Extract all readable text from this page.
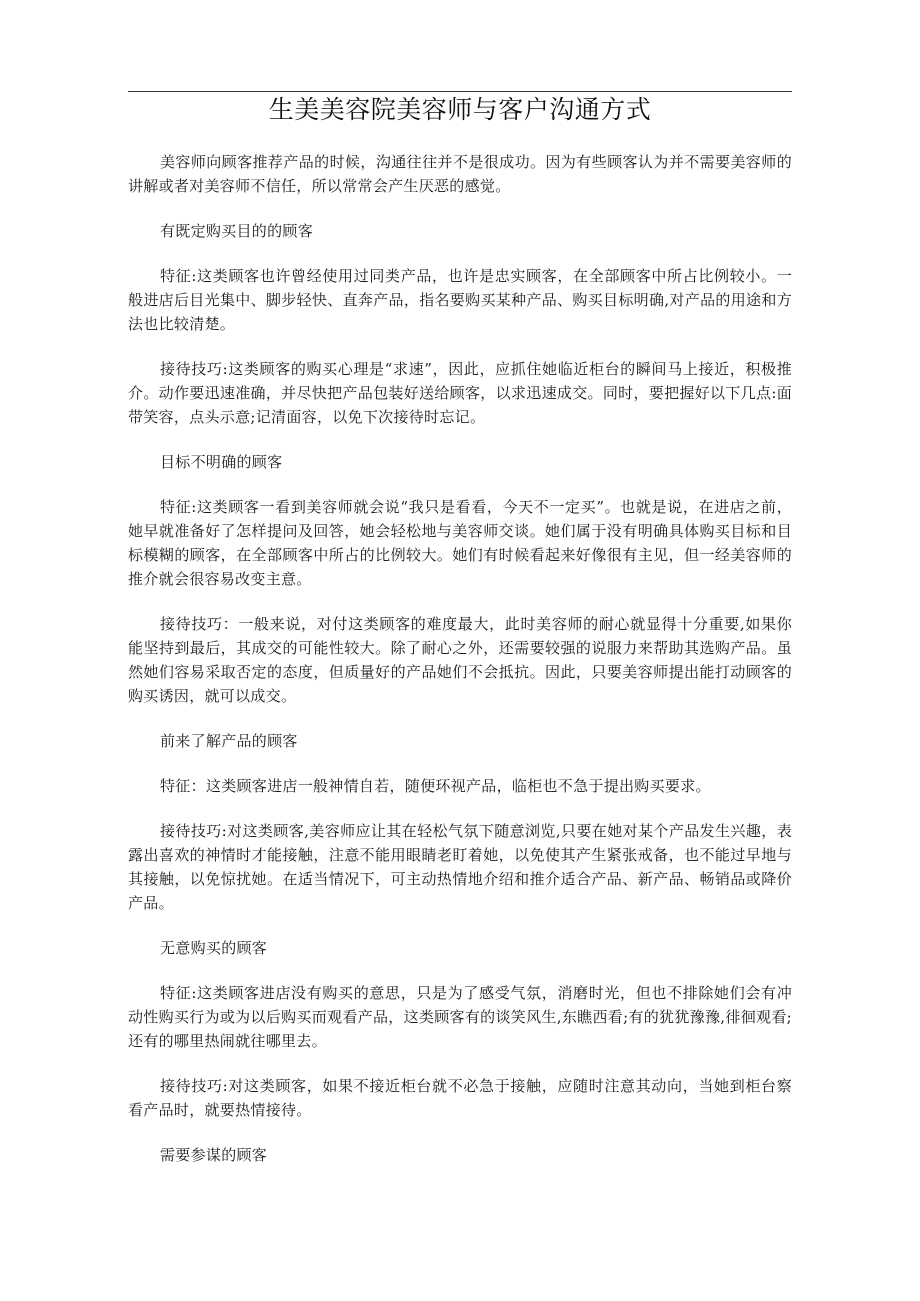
生美美容院美容师与客户沟通方式

美容师向顾客推荐产品的时候，沟通往往并不是很成功。因为有些顾客认为并不需要美容师的讲解或者对美容师不信任，所以常常会产生厌恶的感觉。

有既定购买目的的顾客

特征:这类顾客也许曾经使用过同类产品，也许是忠实顾客，在全部顾客中所占比例较小。一般进店后目光集中、脚步轻快、直奔产品，指名要购买某种产品、购买目标明确,对产品的用途和方法也比较清楚。

接待技巧:这类顾客的购买心理是“求速”，因此，应抓住她临近柜台的瞬间马上接近，积极推介。动作要迅速准确，并尽快把产品包装好送给顾客，以求迅速成交。同时，要把握好以下几点:面带笑容，点头示意;记清面容，以免下次接待时忘记。

目标不明确的顾客

特征:这类顾客一看到美容师就会说“我只是看看，今天不一定买”。也就是说，在进店之前，她早就准备好了怎样提问及回答，她会轻松地与美容师交谈。她们属于没有明确具体购买目标和目标模糊的顾客，在全部顾客中所占的比例较大。她们有时候看起来好像很有主见，但一经美容师的推介就会很容易改变主意。

接待技巧：一般来说，对付这类顾客的难度最大，此时美容师的耐心就显得十分重要,如果你能坚持到最后，其成交的可能性较大。除了耐心之外，还需要较强的说服力来帮助其选购产品。虽然她们容易采取否定的态度，但质量好的产品她们不会抵抗。因此，只要美容师提出能打动顾客的购买诱因，就可以成交。

前来了解产品的顾客

特征：这类顾客进店一般神情自若，随便环视产品，临柜也不急于提出购买要求。

接待技巧:对这类顾客,美容师应让其在轻松气氛下随意浏览,只要在她对某个产品发生兴趣，表露出喜欢的神情时才能接触，注意不能用眼睛老盯着她，以免使其产生紧张戒备，也不能过早地与其接触，以免惊扰她。在适当情况下，可主动热情地介绍和推介适合产品、新产品、畅销品或降价产品。

无意购买的顾客

特征:这类顾客进店没有购买的意思，只是为了感受气氛，消磨时光，但也不排除她们会有冲动性购买行为或为以后购买而观看产品，这类顾客有的谈笑风生,东瞧西看;有的犹犹豫豫,徘徊观看;还有的哪里热闹就往哪里去。

接待技巧:对这类顾客，如果不接近柜台就不必急于接触，应随时注意其动向，当她到柜台察看产品时，就要热情接待。

需要参谋的顾客
